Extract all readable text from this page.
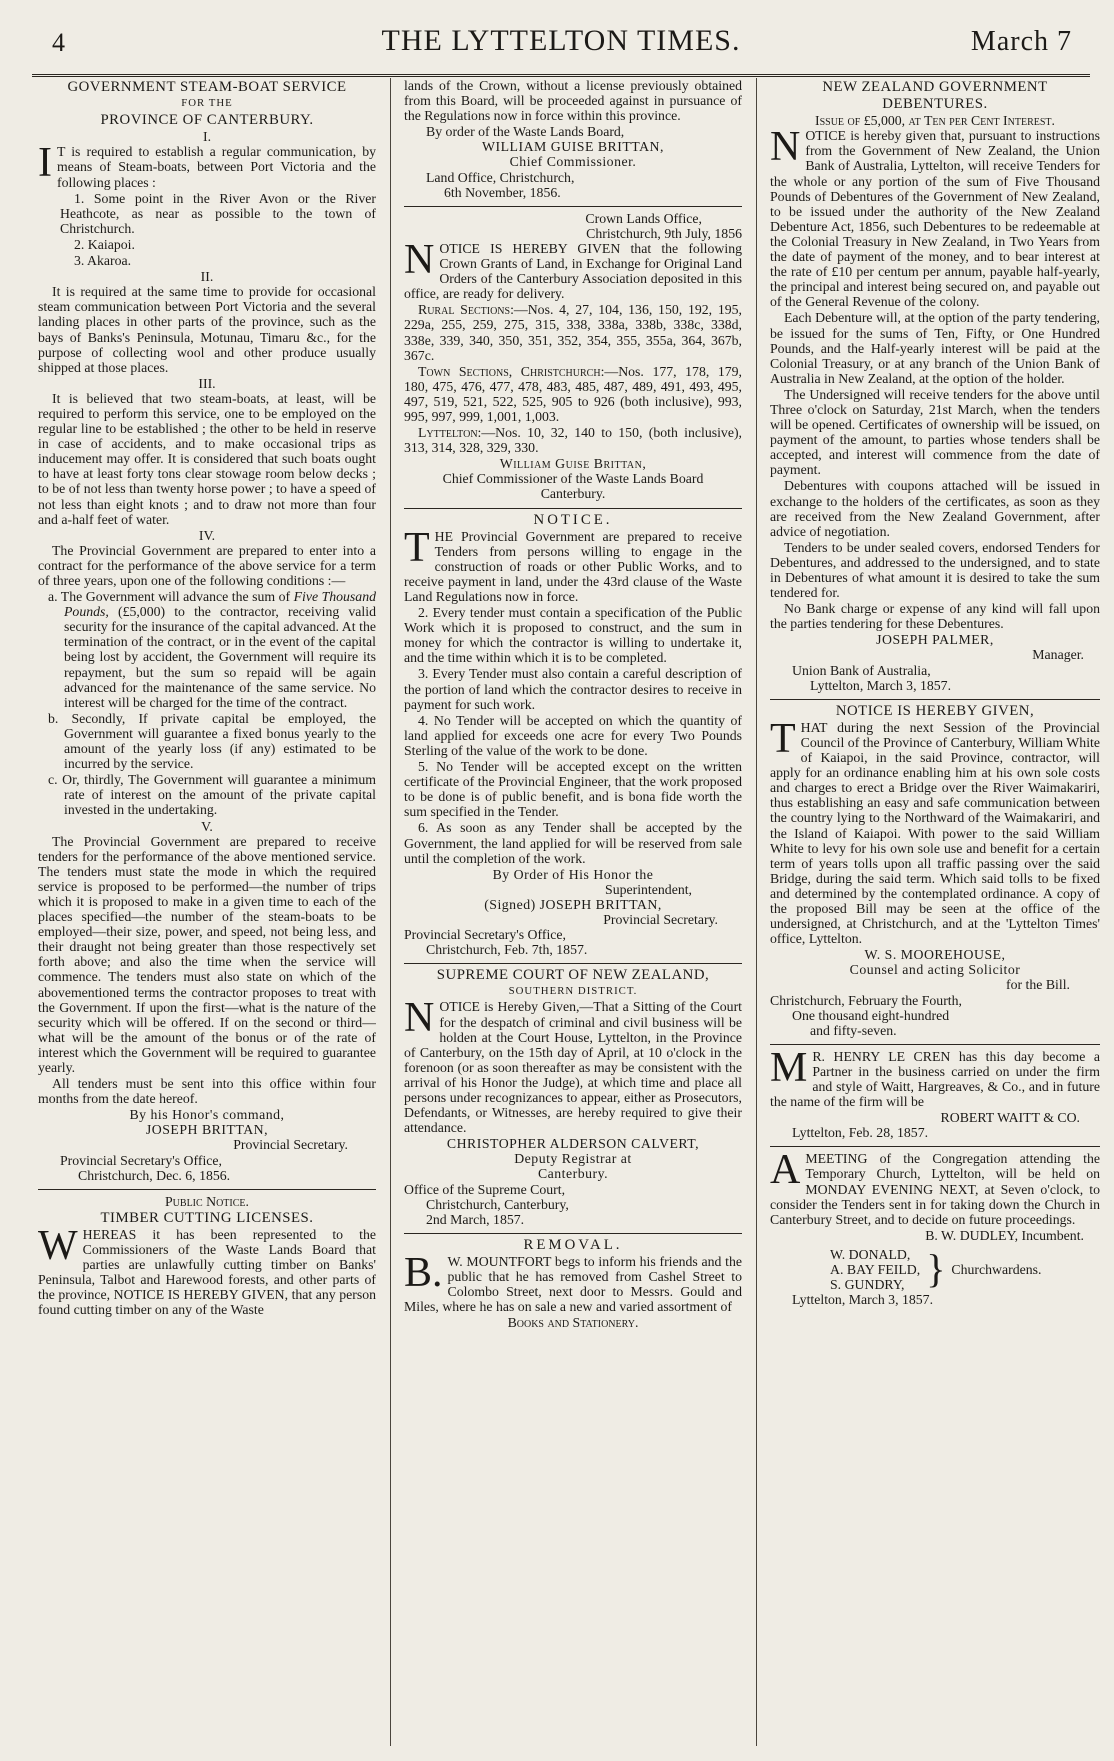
4	THE LYTTELTON TIMES.	March 7
GOVERNMENT STEAM-BOAT SERVICE
FOR THE
PROVINCE OF CANTERBURY.
I.

I T is required to establish a regular communication, by means of Steam-boats, between Port Victoria and the following places :

1. Some point in the River Avon or the River Heathcote, as near as possible to the town of Christchurch.

2. Kaiapoi.

3. Akaroa.

II.

It is required at the same time to provide for occasional steam communication between Port Victoria and the several landing places in other parts of the province, such as the bays of Banks's Peninsula, Motunau, Timaru &c., for the purpose of collecting wool and other produce usually shipped at those places.

III.

It is believed that two steam-boats, at least, will be required to perform this service, one to be employed on the regular line to be established ; the other to be held in reserve in case of accidents, and to make occasional trips as inducement may offer. It is considered that such boats ought to have at least forty tons clear stowage room below decks ; to be of not less than twenty horse power ; to have a speed of not less than eight knots ; and to draw not more than four and a-half feet of water.

IV.

The Provincial Government are prepared to enter into a contract for the performance of the above service for a term of three years, upon one of the following conditions :—

a. The Government will advance the sum of Five Thousand Pounds, (£5,000) to the contractor, receiving valid security for the insurance of the capital advanced. At the termination of the contract, or in the event of the capital being lost by accident, the Government will require its repayment, but the sum so repaid will be again advanced for the maintenance of the same service. No interest will be charged for the time of the contract.

b. Secondly, If private capital be employed, the Government will guarantee a fixed bonus yearly to the amount of the yearly loss (if any) estimated to be incurred by the service.

c. Or, thirdly, The Government will guarantee a minimum rate of interest on the amount of the private capital invested in the undertaking.

V.

The Provincial Government are prepared to receive tenders for the performance of the above mentioned service. The tenders must state the mode in which the required service is proposed to be performed—the number of trips which it is proposed to make in a given time to each of the places specified—the number of the steam-boats to be employed—their size, power, and speed, not being less, and their draught not being greater than those respectively set forth above; and also the time when the service will commence. The tenders must also state on which of the abovementioned terms the contractor proposes to treat with the Government. If upon the first—what is the nature of the security which will be offered. If on the second or third—what will be the amount of the bonus or of the rate of interest which the Government will be required to guarantee yearly.

All tenders must be sent into this office within four months from the date hereof.

By his Honor's command,
JOSEPH BRITTAN,
Provincial Secretary.
Provincial Secretary's Office,
Christchurch, Dec. 6, 1856.
Public Notice.
TIMBER CUTTING LICENSES.

WHEREAS it has been represented to the Commissioners of the Waste Lands Board that parties are unlawfully cutting timber on Banks' Peninsula, Talbot and Harewood forests, and other parts of the province, NOTICE IS HEREBY GIVEN, that any person found cutting timber on any of the Waste

lands of the Crown, without a license previously obtained from this Board, will be proceeded against in pursuance of the Regulations now in force within this province.

By order of the Waste Lands Board,
WILLIAM GUISE BRITTAN,
Chief Commissioner.
Land Office, Christchurch,
6th November, 1856.
Crown Lands Office,
Christchurch, 9th July, 1856

NOTICE IS HEREBY GIVEN that the following Crown Grants of Land, in Exchange for Original Land Orders of the Canterbury Association deposited in this office, are ready for delivery.

Rural Sections:—Nos. 4, 27, 104, 136, 150, 192, 195, 229a, 255, 259, 275, 315, 338, 338a, 338b, 338c, 338d, 338e, 339, 340, 350, 351, 352, 354, 355, 355a, 364, 367b, 367c.

Town Sections, Christchurch:—Nos. 177, 178, 179, 180, 475, 476, 477, 478, 483, 485, 487, 489, 491, 493, 495, 497, 519, 521, 522, 525, 905 to 926 (both inclusive), 993, 995, 997, 999, 1,001, 1,003.

Lyttelton:—Nos. 10, 32, 140 to 150, (both inclusive), 313, 314, 328, 329, 330.

William Guise Brittan,
Chief Commissioner of the Waste Lands Board
Canterbury.
NOTICE.

THE Provincial Government are prepared to receive Tenders from persons willing to engage in the construction of roads or other Public Works, and to receive payment in land, under the 43rd clause of the Waste Land Regulations now in force.

2. Every tender must contain a specification of the Public Work which it is proposed to construct, and the sum in money for which the contractor is willing to undertake it, and the time within which it is to be completed.

3. Every Tender must also contain a careful description of the portion of land which the contractor desires to receive in payment for such work.

4. No Tender will be accepted on which the quantity of land applied for exceeds one acre for every Two Pounds Sterling of the value of the work to be done.

5. No Tender will be accepted except on the written certificate of the Provincial Engineer, that the work proposed to be done is of public benefit, and is bona fide worth the sum specified in the Tender.

6. As soon as any Tender shall be accepted by the Government, the land applied for will be reserved from sale until the completion of the work.

By Order of His Honor the
Superintendent,
(Signed) JOSEPH BRITTAN,
Provincial Secretary.
Provincial Secretary's Office,
Christchurch, Feb. 7th, 1857.
SUPREME COURT OF NEW ZEALAND,
SOUTHERN DISTRICT.

NOTICE is Hereby Given,—That a Sitting of the Court for the despatch of criminal and civil business will be holden at the Court House, Lyttelton, in the Province of Canterbury, on the 15th day of April, at 10 o'clock in the forenoon (or as soon thereafter as may be consistent with the arrival of his Honor the Judge), at which time and place all persons under recognizances to appear, either as Prosecutors, Defendants, or Witnesses, are hereby required to give their attendance.

CHRISTOPHER ALDERSON CALVERT,
Deputy Registrar at
Canterbury.
Office of the Supreme Court,
Christchurch, Canterbury,
2nd March, 1857.
REMOVAL.

B. W. MOUNTFORT begs to inform his friends and the public that he has removed from Cashel Street to Colombo Street, next door to Messrs. Gould and Miles, where he has on sale a new and varied assortment of

Books and Stationery.
NEW ZEALAND GOVERNMENT
DEBENTURES.
Issue of £5,000, at Ten per Cent Interest.

NOTICE is hereby given that, pursuant to instructions from the Government of New Zealand, the Union Bank of Australia, Lyttelton, will receive Tenders for the whole or any portion of the sum of Five Thousand Pounds of Debentures of the Government of New Zealand, to be issued under the authority of the New Zealand Debenture Act, 1856, such Debentures to be redeemable at the Colonial Treasury in New Zealand, in Two Years from the date of payment of the money, and to bear interest at the rate of £10 per centum per annum, payable half-yearly, the principal and interest being secured on, and payable out of the General Revenue of the colony.

Each Debenture will, at the option of the party tendering, be issued for the sums of Ten, Fifty, or One Hundred Pounds, and the Half-yearly interest will be paid at the Colonial Treasury, or at any branch of the Union Bank of Australia in New Zealand, at the option of the holder.

The Undersigned will receive tenders for the above until Three o'clock on Saturday, 21st March, when the tenders will be opened. Certificates of ownership will be issued, on payment of the amount, to parties whose tenders shall be accepted, and interest will commence from the date of payment.

Debentures with coupons attached will be issued in exchange to the holders of the certificates, as soon as they are received from the New Zealand Government, after advice of negotiation.

Tenders to be under sealed covers, endorsed Tenders for Debentures, and addressed to the undersigned, and to state in Debentures of what amount it is desired to take the sum tendered for.

No Bank charge or expense of any kind will fall upon the parties tendering for these Debentures.

JOSEPH PALMER,
Manager.
Union Bank of Australia,
Lyttelton, March 3, 1857.
NOTICE IS HEREBY GIVEN,

THAT during the next Session of the Provincial Council of the Province of Canterbury, William White of Kaiapoi, in the said Province, contractor, will apply for an ordinance enabling him at his own sole costs and charges to erect a Bridge over the River Waimakariri, thus establishing an easy and safe communication between the country lying to the Northward of the Waimakariri, and the Island of Kaiapoi. With power to the said William White to levy for his own sole use and benefit for a certain term of years tolls upon all traffic passing over the said Bridge, during the said term. Which said tolls to be fixed and determined by the contemplated ordinance. A copy of the proposed Bill may be seen at the office of the undersigned, at Christchurch, and at the 'Lyttelton Times' office, Lyttelton.

W. S. MOOREHOUSE,
Counsel and acting Solicitor
for the Bill.
Christchurch, February the Fourth,
One thousand eight-hundred
and fifty-seven.

M R. HENRY LE CREN has this day become a Partner in the business carried on under the firm and style of Waitt, Hargreaves, & Co., and in future the name of the firm will be

ROBERT WAITT & CO.
Lyttelton, Feb. 28, 1857.

AMEETING of the Congregation attending the Temporary Church, Lyttelton, will be held on MONDAY EVENING NEXT, at Seven o'clock, to consider the Tenders sent in for taking down the Church in Canterbury Street, and to decide on future proceedings.

B. W. DUDLEY, Incumbent.
W. DONALD,
A. BAY FEILD,
S. GUNDRY, } Churchwardens.
Lyttelton, March 3, 1857.
